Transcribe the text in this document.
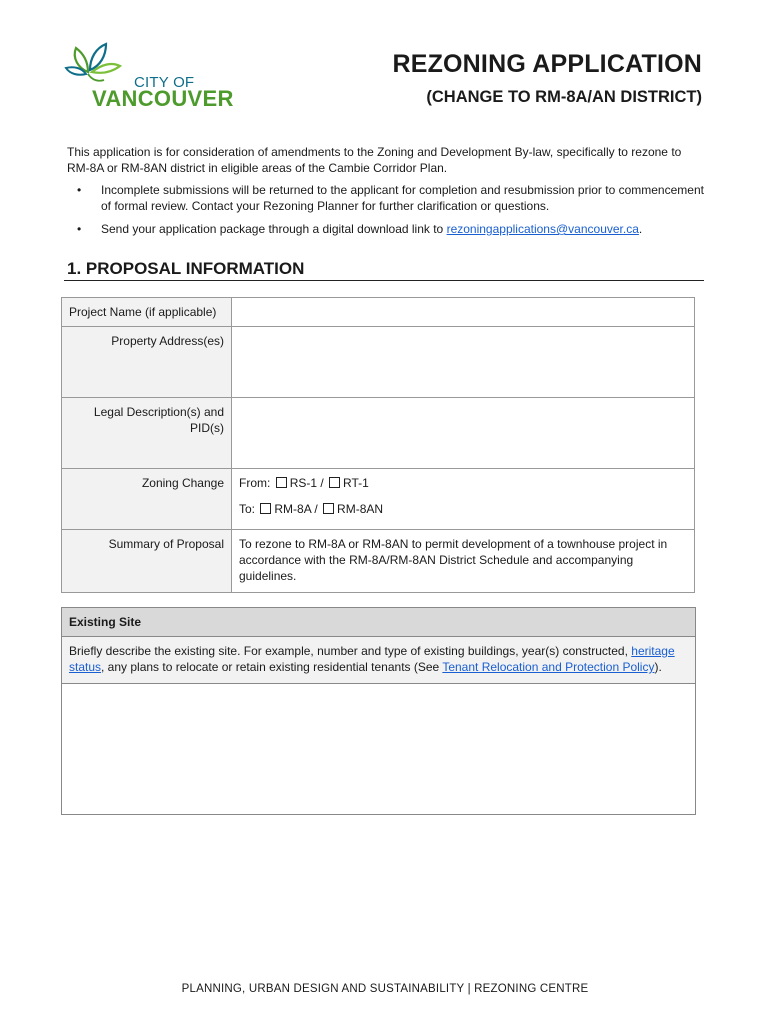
CITY OF
VANCOUVER
REZONING APPLICATION
(CHANGE TO RM-8A/AN DISTRICT)
This application is for consideration of amendments to the Zoning and Development By-law, specifically to rezone to RM-8A or RM-8AN district in eligible areas of the Cambie Corridor Plan.
• Incomplete submissions will be returned to the applicant for completion and resubmission prior to commencement of formal review. Contact your Rezoning Planner for further clarification or questions.
• Send your application package through a digital download link to rezoningapplications@vancouver.ca.
1. PROPOSAL INFORMATION
Project Name (if applicable)	
Property Address(es)	
Legal Description(s) and PID(s)	
Zoning Change	From: RS-1 / RT-1
To: RM-8A / RM-8AN

Summary of Proposal	To rezone to RM-8A or RM-8AN to permit development of a townhouse project in accordance with the RM-8A/RM-8AN District Schedule and accompanying guidelines.
Existing Site
Briefly describe the existing site. For example, number and type of existing buildings, year(s) constructed, heritage status, any plans to relocate or retain existing residential tenants (See Tenant Relocation and Protection Policy).
PLANNING, URBAN DESIGN AND SUSTAINABILITY | REZONING CENTRE
